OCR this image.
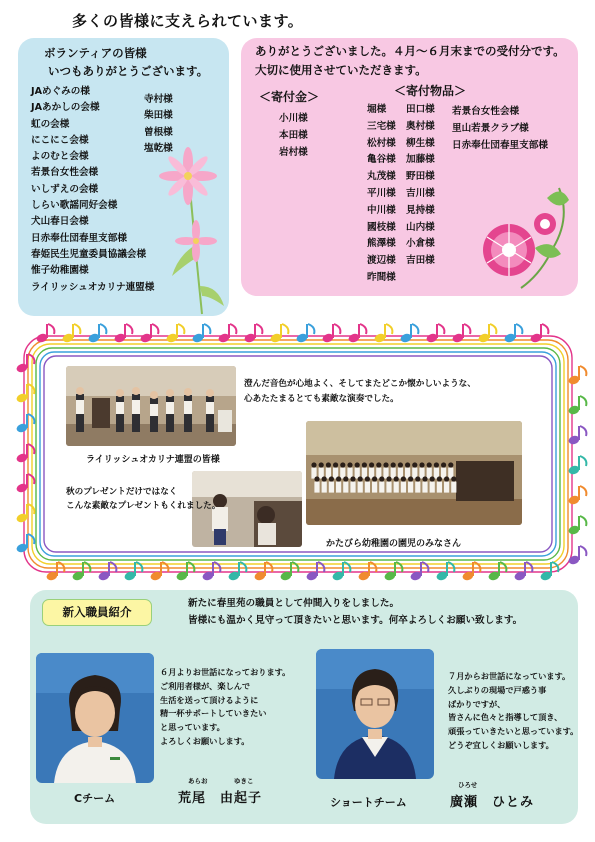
多くの皆様に支えられています。
ボランティアの皆様
いつもありがとうございます。
JAめぐみの様
JAあかしの会様
虹の会様
にこにこ会様
よのむと会様
若景台女性会様
いしずえの会様
しらい歌謡同好会様
犬山春日会様
日赤奉仕団春里支部様
春姫民生児童委員協議会様
惟子幼稚園様
ライリッシュオカリナ連盟様
寺村様
柴田様
曽根様
塩乾様
ありがとうございました。４月～６月末までの受付分です。
大切に使用させていただきます。
＜寄付金＞	＜寄付物品＞
小川様
本田様
岩村様
堀様
三宅様
松村様
亀谷様
丸茂様
平川様
中川様
國枝様
熊澤様
渡辺様
昨間様
田口様
奥村様
柳生様
加藤様
野田様
吉川様
見持様
山内様
小倉様
吉田様
若景台女性会様
里山若景クラブ様
日赤奉仕団春里支部様
ライリッシュオカリナ連盟の皆様
澄んだ音色が心地よく、そしてまたどこか懐かしいような、
心あたたまるとても素敵な演奏でした。
秋のプレゼントだけではなく
こんな素敵なプレゼントもくれました。
かたびら幼稚園の園児のみなさん
新入職員紹介
新たに春里苑の職員として仲間入りをしました。
皆様にも温かく見守って頂きたいと思います。何卒よろしくお願い致します。
６月よりお世話になっております。
ご利用者様が、楽しんで
生活を送って頂けるように
精一杯サポートしていきたい
と思っています。
よろしくお願いします。
Cチーム
あらお	ゆきこ
荒尾　由起子
７月からお世話になっています。
久しぶりの現場で戸惑う事
ばかりですが、
皆さんに色々と指導して頂き、
頑張っていきたいと思っています。
どうぞ宜しくお願いします。
ショートチーム
ひろせ
廣瀬　ひとみ
